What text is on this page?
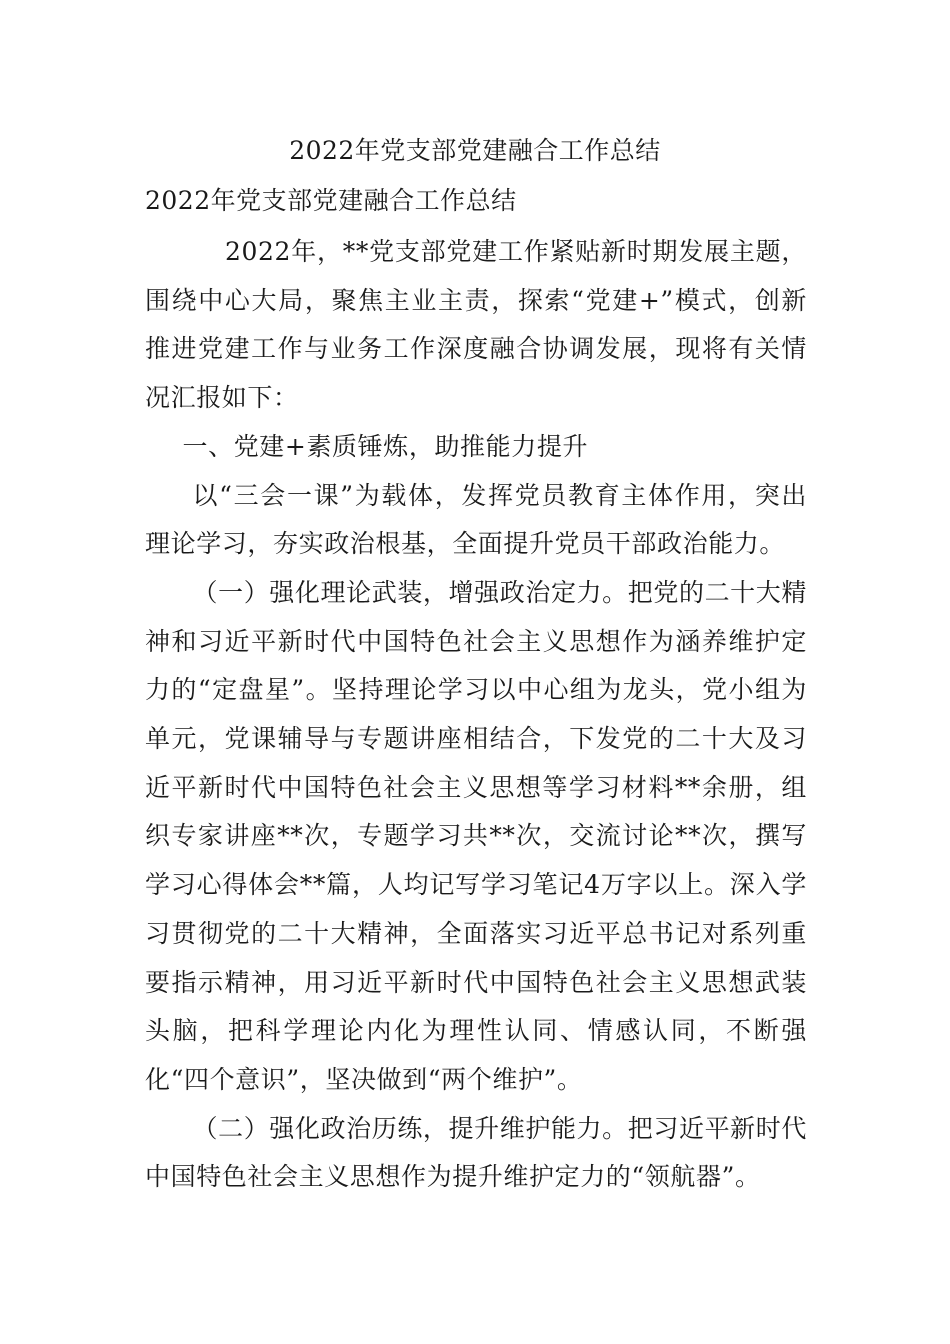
2022年党支部党建融合工作总结
2022年党支部党建融合工作总结

2022年，**党支部党建工作紧贴新时期发展主题，围绕中心大局，聚焦主业主责，探索“党建+”模式，创新推进党建工作与业务工作深度融合协调发展，现将有关情况汇报如下：

一、党建+素质锤炼，助推能力提升

以“三会一课”为载体，发挥党员教育主体作用，突出理论学习，夯实政治根基，全面提升党员干部政治能力。

（一）强化理论武装，增强政治定力。把党的二十大精神和习近平新时代中国特色社会主义思想作为涵养维护定力的“定盘星”。坚持理论学习以中心组为龙头，党小组为单元，党课辅导与专题讲座相结合，下发党的二十大及习近平新时代中国特色社会主义思想等学习材料**余册，组织专家讲座**次，专题学习共**次，交流讨论**次，撰写学习心得体会**篇，人均记写学习笔记4万字以上。深入学习贯彻党的二十大精神，全面落实习近平总书记对系列重要指示精神，用习近平新时代中国特色社会主义思想武装头脑，把科学理论内化为理性认同、情感认同，不断强化“四个意识”，坚决做到“两个维护”。

（二）强化政治历练，提升维护能力。把习近平新时代中国特色社会主义思想作为提升维护定力的“领航器”。
